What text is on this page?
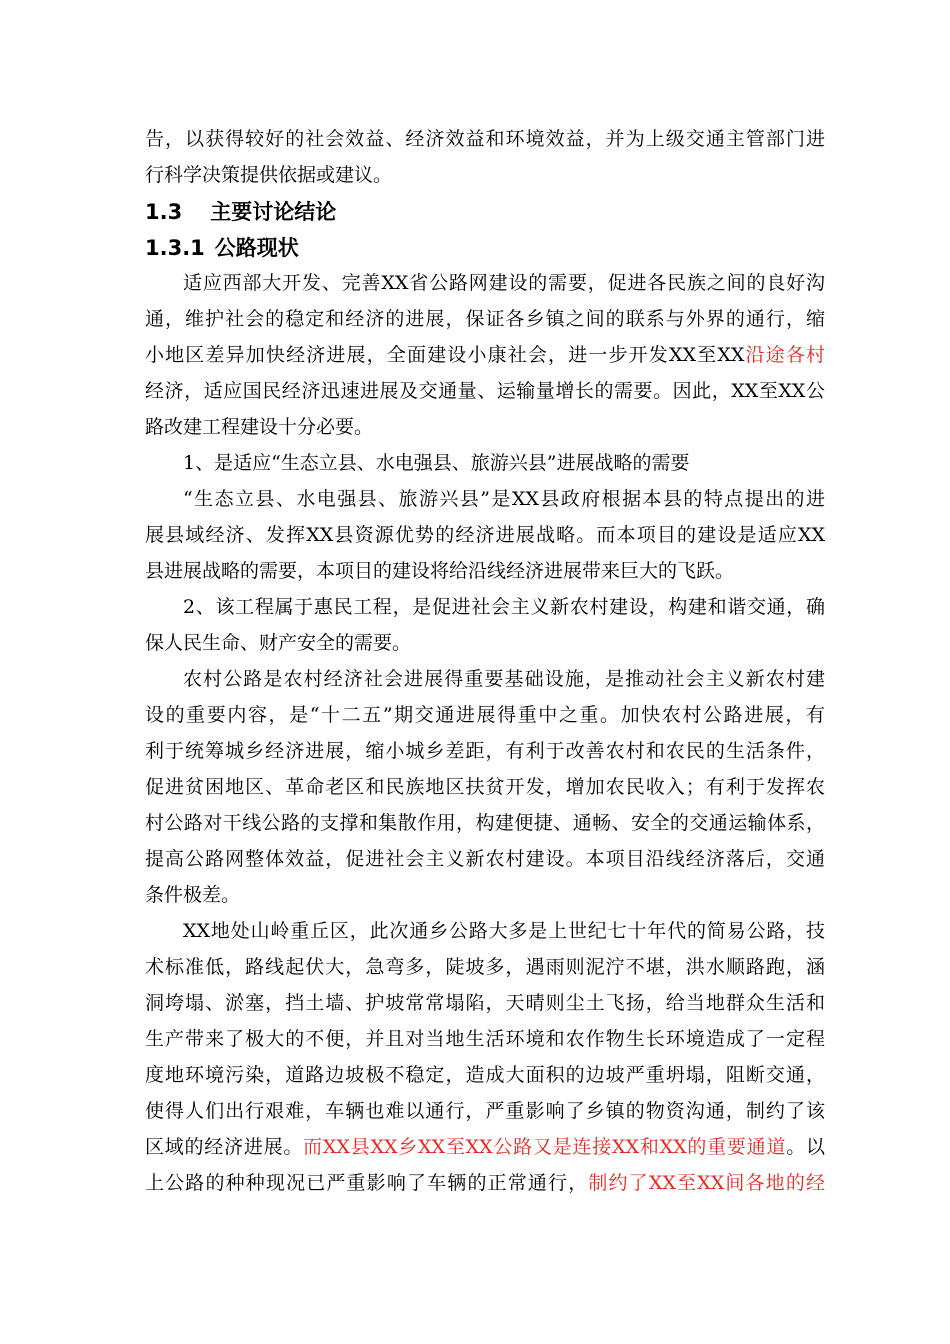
告，以获得较好的社会效益、经济效益和环境效益，并为上级交通主管部门进
行科学决策提供依据或建议。
1.3 主要讨论结论
1.3.1 公路现状
适应西部大开发、完善XX省公路网建设的需要，促进各民族之间的良好沟
通，维护社会的稳定和经济的进展，保证各乡镇之间的联系与外界的通行，缩
小地区差异加快经济进展，全面建设小康社会，进一步开发XX至XX沿途各村
经济，适应国民经济迅速进展及交通量、运输量增长的需要。因此，XX至XX公
路改建工程建设十分必要。
1、是适应“生态立县、水电强县、旅游兴县”进展战略的需要
“生态立县、水电强县、旅游兴县”是XX县政府根据本县的特点提出的进
展县域经济、发挥XX县资源优势的经济进展战略。而本项目的建设是适应XX
县进展战略的需要，本项目的建设将给沿线经济进展带来巨大的飞跃。
2、该工程属于惠民工程，是促进社会主义新农村建设，构建和谐交通，确
保人民生命、财产安全的需要。
农村公路是农村经济社会进展得重要基础设施，是推动社会主义新农村建
设的重要内容，是“十二五”期交通进展得重中之重。加快农村公路进展，有
利于统筹城乡经济进展，缩小城乡差距，有利于改善农村和农民的生活条件，
促进贫困地区、革命老区和民族地区扶贫开发，增加农民收入；有利于发挥农
村公路对干线公路的支撑和集散作用，构建便捷、通畅、安全的交通运输体系，
提高公路网整体效益，促进社会主义新农村建设。本项目沿线经济落后，交通
条件极差。
XX地处山岭重丘区，此次通乡公路大多是上世纪七十年代的简易公路，技
术标准低，路线起伏大，急弯多，陡坡多，遇雨则泥泞不堪，洪水顺路跑，涵
洞垮塌、淤塞，挡土墙、护坡常常塌陷，天晴则尘土飞扬，给当地群众生活和
生产带来了极大的不便，并且对当地生活环境和农作物生长环境造成了一定程
度地环境污染，道路边坡极不稳定，造成大面积的边坡严重坍塌，阻断交通，
使得人们出行艰难，车辆也难以通行，严重影响了乡镇的物资沟通，制约了该
区域的经济进展。而XX县XX乡XX至XX公路又是连接XX和XX的重要通道。以
上公路的种种现况已严重影响了车辆的正常通行，制约了XX至XX间各地的经
